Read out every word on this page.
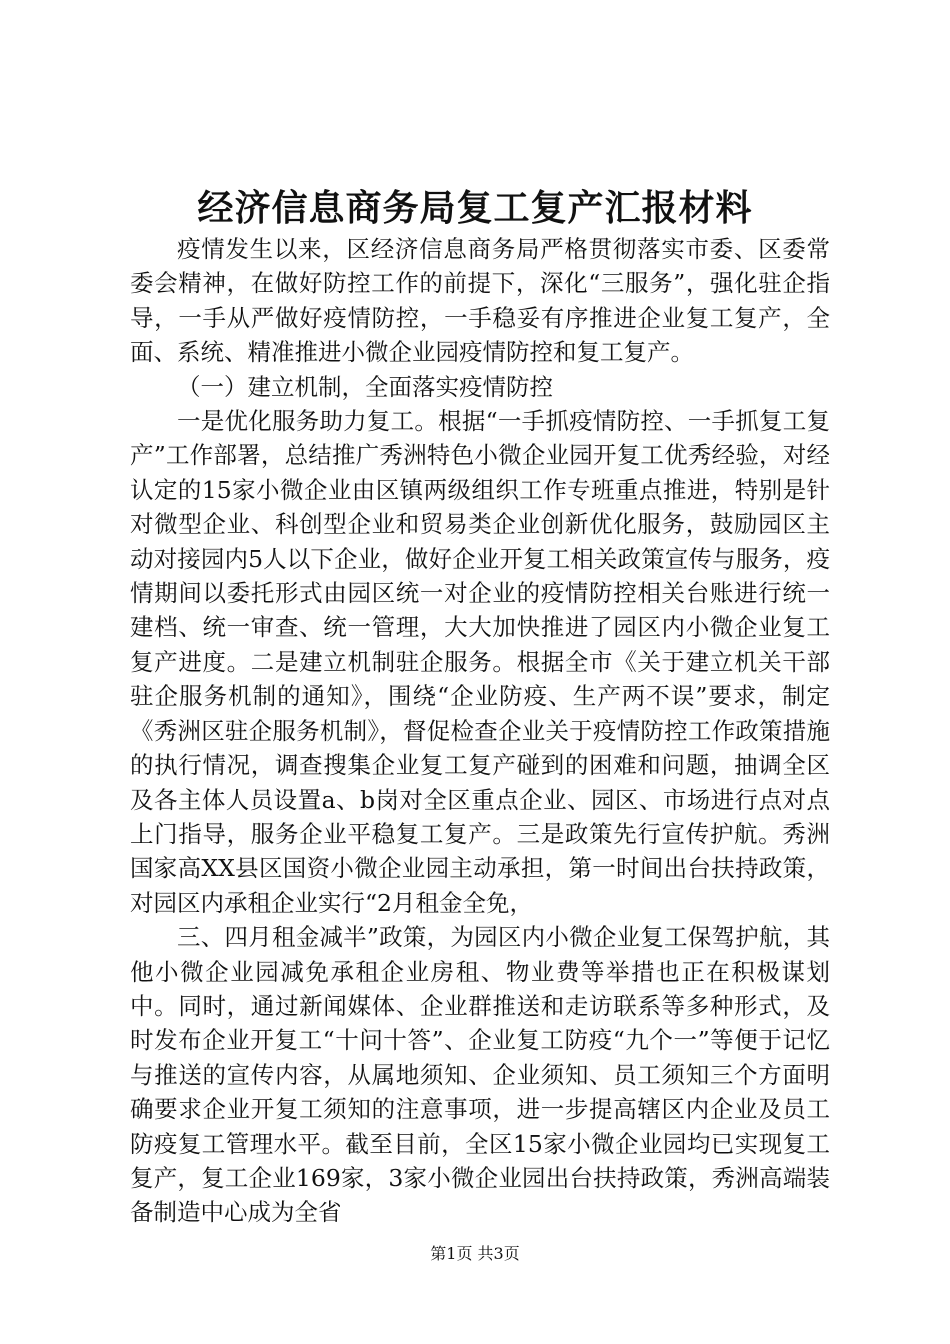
经济信息商务局复工复产汇报材料

疫情发生以来，区经济信息商务局严格贯彻落实市委、区委常委会精神，在做好防控工作的前提下，深化“三服务”，强化驻企指导，一手从严做好疫情防控，一手稳妥有序推进企业复工复产，全面、系统、精准推进小微企业园疫情防控和复工复产。

（一）建立机制，全面落实疫情防控

一是优化服务助力复工。根据“一手抓疫情防控、一手抓复工复产”工作部署，总结推广秀洲特色小微企业园开复工优秀经验，对经认定的15家小微企业由区镇两级组织工作专班重点推进，特别是针对微型企业、科创型企业和贸易类企业创新优化服务，鼓励园区主动对接园内5人以下企业，做好企业开复工相关政策宣传与服务，疫情期间以委托形式由园区统一对企业的疫情防控相关台账进行统一建档、统一审查、统一管理，大大加快推进了园区内小微企业复工复产进度。二是建立机制驻企服务。根据全市《关于建立机关干部驻企服务机制的通知》，围绕“企业防疫、生产两不误”要求，制定《秀洲区驻企服务机制》，督促检查企业关于疫情防控工作政策措施的执行情况，调查搜集企业复工复产碰到的困难和问题，抽调全区及各主体人员设置a、b岗对全区重点企业、园区、市场进行点对点上门指导，服务企业平稳复工复产。三是政策先行宣传护航。秀洲国家高XX县区国资小微企业园主动承担，第一时间出台扶持政策，对园区内承租企业实行“2月租金全免，

三、四月租金减半”政策，为园区内小微企业复工保驾护航，其他小微企业园减免承租企业房租、物业费等举措也正在积极谋划中。同时，通过新闻媒体、企业群推送和走访联系等多种形式，及时发布企业开复工“十问十答”、企业复工防疫“九个一”等便于记忆与推送的宣传内容，从属地须知、企业须知、员工须知三个方面明确要求企业开复工须知的注意事项，进一步提高辖区内企业及员工防疫复工管理水平。截至目前，全区15家小微企业园均已实现复工复产，复工企业169家，3家小微企业园出台扶持政策，秀洲高端装备制造中心成为全省

第1页 共3页
